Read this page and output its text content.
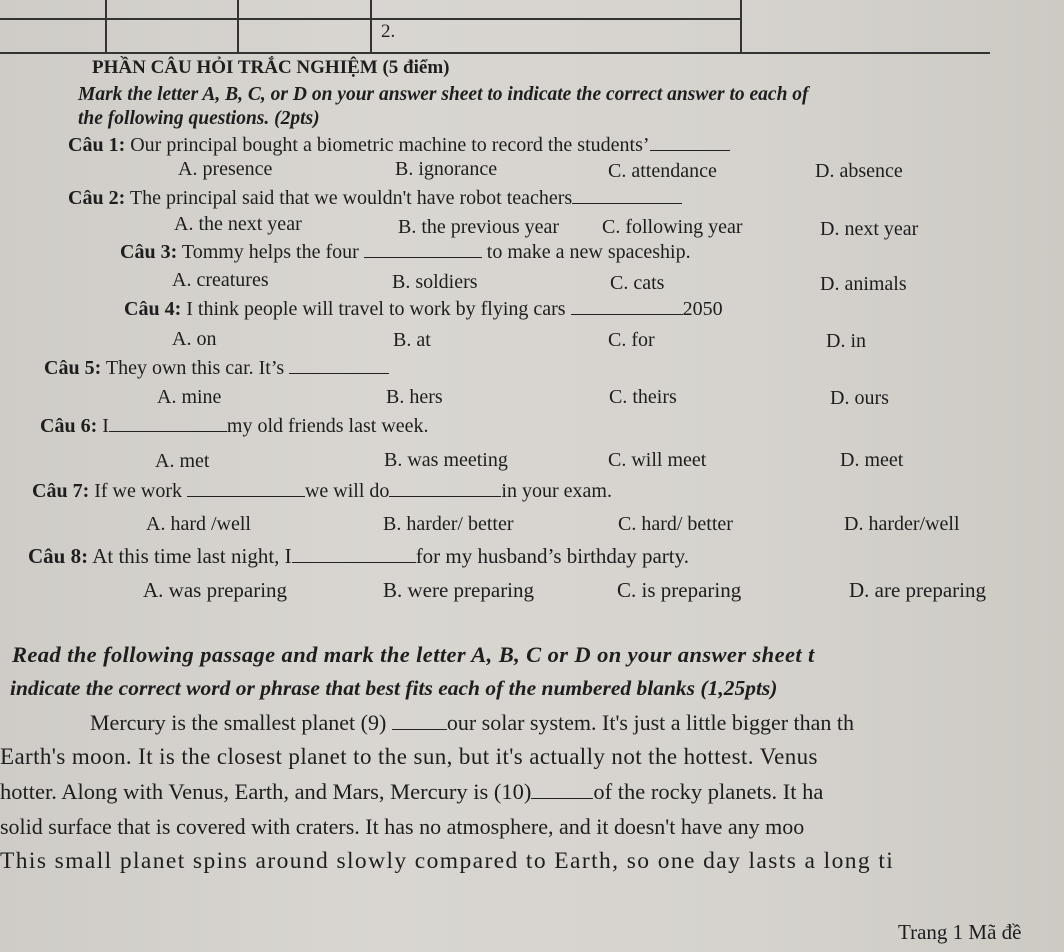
2.
PHẦN CÂU HỎI TRẮC NGHIỆM (5 điểm)
Mark the letter A, B, C, or D on your answer sheet to indicate the correct answer to each of
the following questions. (2pts)
Câu 1: Our principal bought a biometric machine to record the students’
A. presence	B. ignorance	C. attendance	D. absence
Câu 2: The principal said that we wouldn't have robot teachers
A. the next year	B. the previous year C. following year	D. next year
Câu 3: Tommy helps the four	to make a new spaceship.
A. creatures	B. soldiers	C. cats	D. animals
Câu 4: I think people will travel to work by flying cars	2050
A. on	B. at	C. for	D. in
Câu 5: They own this car. It’s
A. mine	B. hers	C. theirs	D. ours
Câu 6: I	my old friends last week.
A. met	B. was meeting	C. will meet	D. meet
Câu 7: If we work	we will do	in your exam.
A. hard /well	B. harder/ better	C. hard/ better	D. harder/well
Câu 8: At this time last night, I	for my husband’s birthday party.
A. was preparing	B. were preparing	C. is preparing	D. are preparing
Read the following passage and mark the letter A, B, C or D on your answer sheet t
indicate the correct word or phrase that best fits each of the numbered blanks (1,25pts)
Mercury is the smallest planet (9)	our solar system. It's just a little bigger than th
Earth's moon. It is the closest planet to the sun, but it's actually not the hottest. Venus
hotter. Along with Venus, Earth, and Mars, Mercury is (10)	of the rocky planets. It ha
solid surface that is covered with craters. It has no atmosphere, and it doesn't have any moo
This small planet spins around slowly compared to Earth, so one day lasts a long ti
Trang 1 Mã đề
